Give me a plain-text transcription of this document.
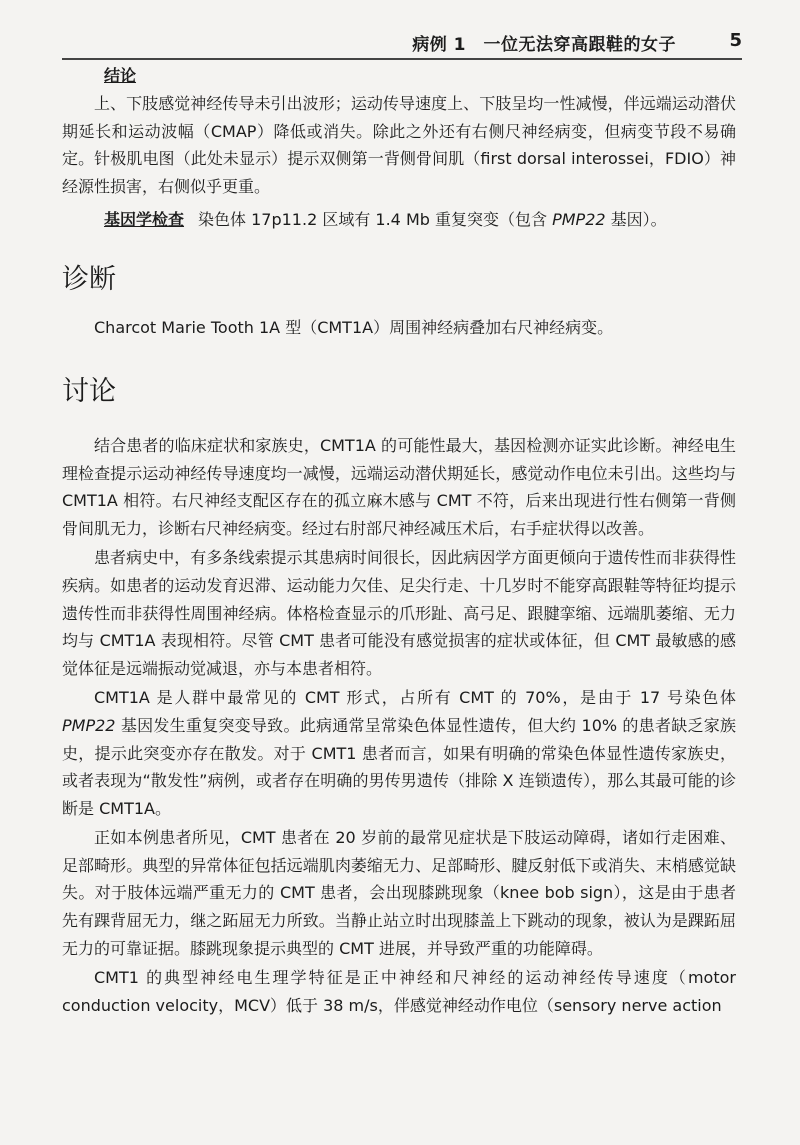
病例 1　一位无法穿高跟鞋的女子	5
结论

上、下肢感觉神经传导未引出波形；运动传导速度上、下肢呈均一性减慢，伴远端运动潜伏期延长和运动波幅（CMAP）降低或消失。除此之外还有右侧尺神经病变，但病变节段不易确定。针极肌电图（此处未显示）提示双侧第一背侧骨间肌（first dorsal interossei，FDIO）神经源性损害，右侧似乎更重。

基因学检查 染色体 17p11.2 区域有 1.4 Mb 重复突变（包含 PMP22 基因）。
诊断

Charcot Marie Tooth 1A 型（CMT1A）周围神经病叠加右尺神经病变。

讨论

结合患者的临床症状和家族史，CMT1A 的可能性最大，基因检测亦证实此诊断。神经电生理检查提示运动神经传导速度均一减慢，远端运动潜伏期延长，感觉动作电位未引出。这些均与 CMT1A 相符。右尺神经支配区存在的孤立麻木感与 CMT 不符，后来出现进行性右侧第一背侧骨间肌无力，诊断右尺神经病变。经过右肘部尺神经减压术后，右手症状得以改善。

患者病史中，有多条线索提示其患病时间很长，因此病因学方面更倾向于遗传性而非获得性疾病。如患者的运动发育迟滞、运动能力欠佳、足尖行走、十几岁时不能穿高跟鞋等特征均提示遗传性而非获得性周围神经病。体格检查显示的爪形趾、高弓足、跟腱挛缩、远端肌萎缩、无力均与 CMT1A 表现相符。尽管 CMT 患者可能没有感觉损害的症状或体征，但 CMT 最敏感的感觉体征是远端振动觉减退，亦与本患者相符。

CMT1A 是人群中最常见的 CMT 形式，占所有 CMT 的 70%，是由于 17 号染色体 PMP22 基因发生重复突变导致。此病通常呈常染色体显性遗传，但大约 10% 的患者缺乏家族史，提示此突变亦存在散发。对于 CMT1 患者而言，如果有明确的常染色体显性遗传家族史，或者表现为“散发性”病例，或者存在明确的男传男遗传（排除 X 连锁遗传），那么其最可能的诊断是 CMT1A。

正如本例患者所见，CMT 患者在 20 岁前的最常见症状是下肢运动障碍，诸如行走困难、足部畸形。典型的异常体征包括远端肌肉萎缩无力、足部畸形、腱反射低下或消失、末梢感觉缺失。对于肢体远端严重无力的 CMT 患者，会出现膝跳现象（knee bob sign），这是由于患者先有踝背屈无力，继之跖屈无力所致。当静止站立时出现膝盖上下跳动的现象，被认为是踝跖屈无力的可靠证据。膝跳现象提示典型的 CMT 进展，并导致严重的功能障碍。

CMT1 的典型神经电生理学特征是正中神经和尺神经的运动神经传导速度（motor conduction velocity，MCV）低于 38 m/s，伴感觉神经动作电位（sensory nerve action
